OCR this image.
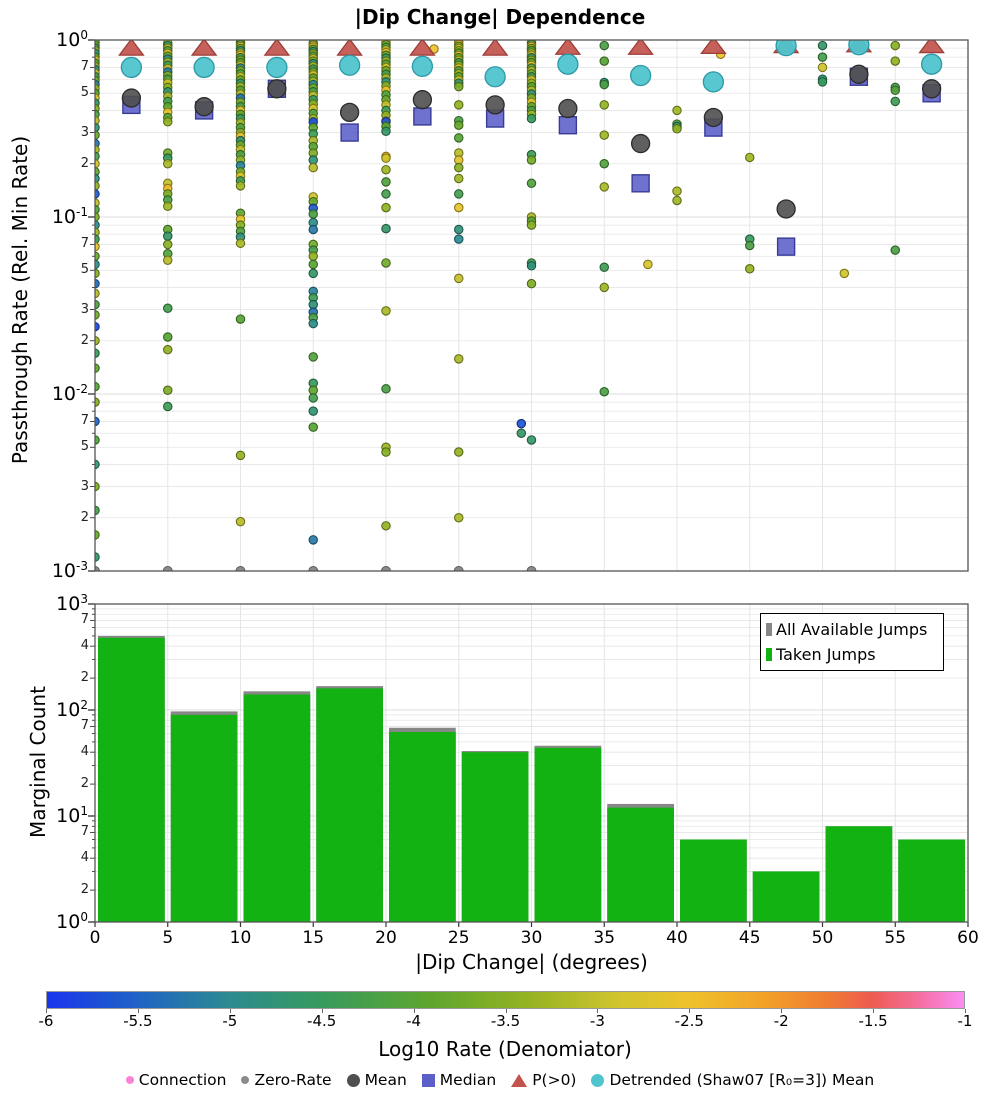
|Dip Change| Dependence
Passthrough Rate (Rel. Min Rate)
Marginal Count
|Dip Change| (degrees)
Log10 Rate (Denomiator)
All Available Jumps
Taken Jumps
Connection Zero-Rate Mean Median P(>0) Detrended (Shaw07 [R₀=3]) Mean
$10^0$
2
3
5
7
$10^{-1}$
2
3
5
7
$10^{-2}$
2
3
5
7
$10^{-3}$
$10^0$
2
4
7
$10^1$
2
4
7
$10^2$
2
4
7
$10^3$
0	5	10	15	20	25	30	35	40	45	50	55	60
-6	-5.5	-5	-4.5	-4	-3.5	-3	-2.5	-2	-1.5	-1
